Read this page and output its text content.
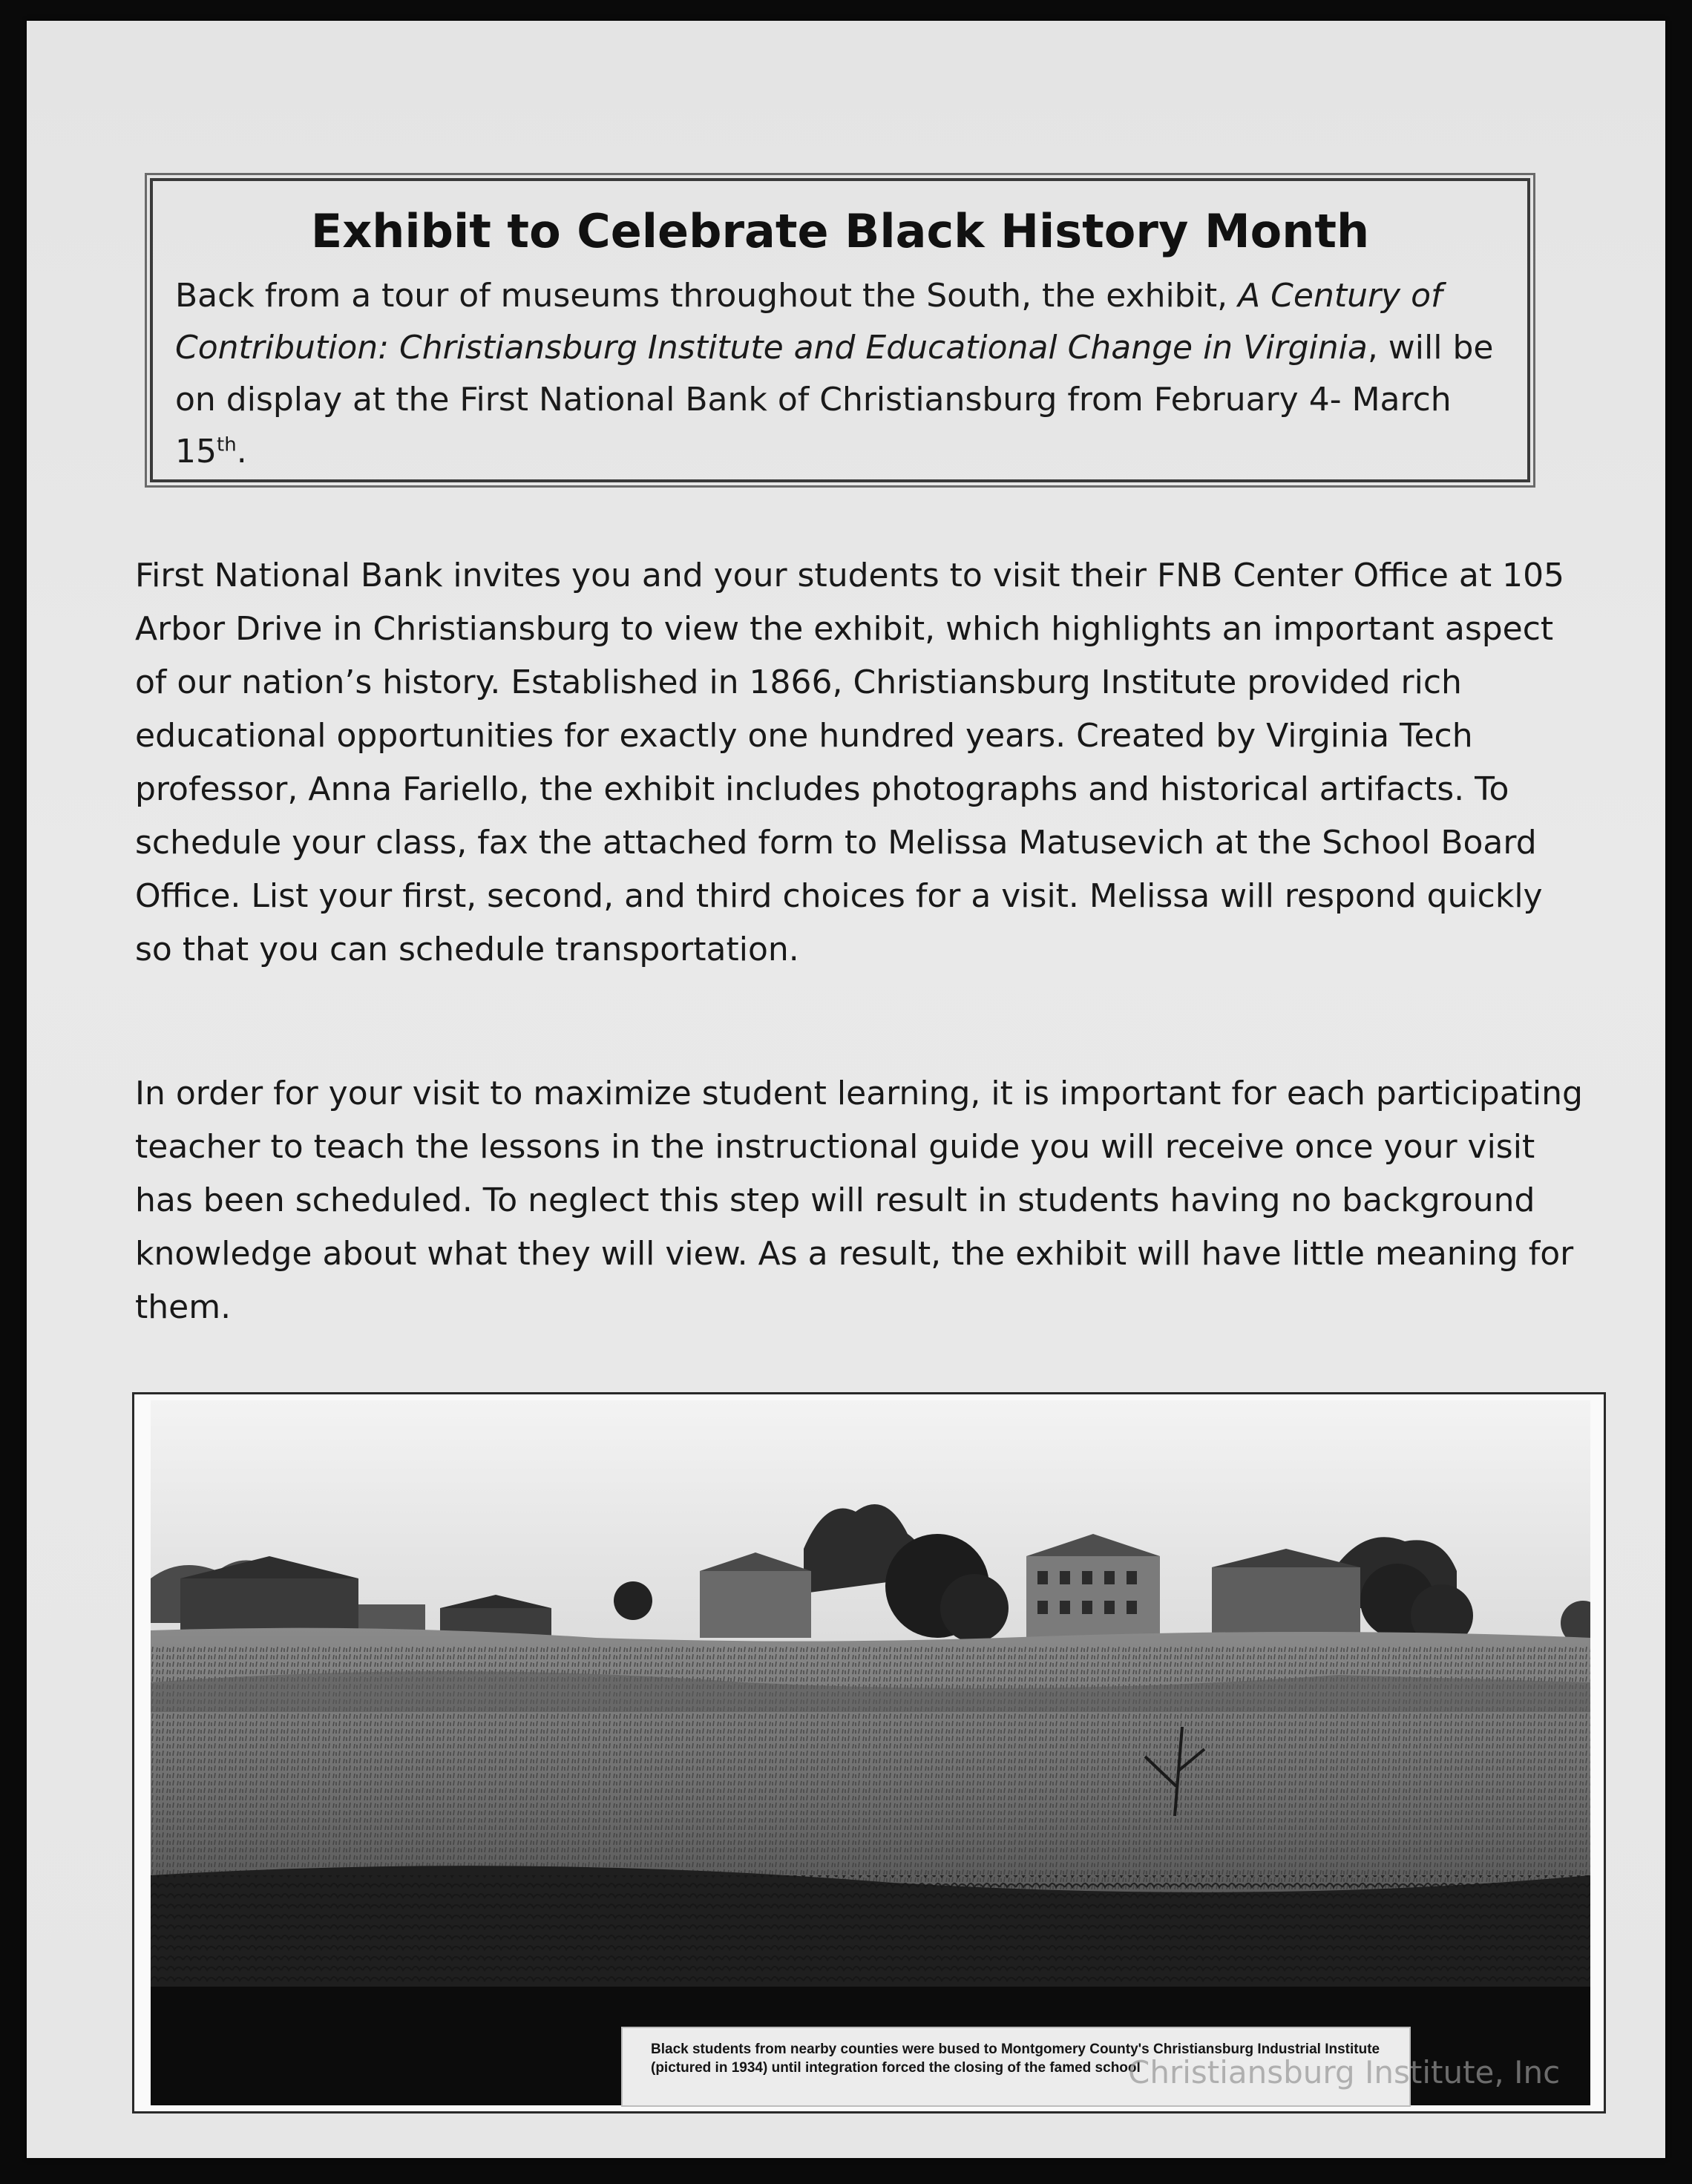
Exhibit to Celebrate Black History Month

Back from a tour of museums throughout the South, the exhibit, A Century of Contribution: Christiansburg Institute and Educational Change in Virginia, will be on display at the First National Bank of Christiansburg from February 4- March 15th.

First National Bank invites you and your students to visit their FNB Center Office at 105 Arbor Drive in Christiansburg to view the exhibit, which highlights an important aspect of our nation’s history. Established in 1866, Christiansburg Institute provided rich educational opportunities for exactly one hundred years. Created by Virginia Tech professor, Anna Fariello, the exhibit includes photographs and historical artifacts. To schedule your class, fax the attached form to Melissa Matusevich at the School Board Office. List your first, second, and third choices for a visit. Melissa will respond quickly so that you can schedule transportation.

In order for your visit to maximize student learning, it is important for each participating teacher to teach the lessons in the instructional guide you will receive once your visit has been scheduled. To neglect this step will result in students having no background knowledge about what they will view. As a result, the exhibit will have little meaning for them.

Black students from nearby counties were bused to Montgomery County's Christiansburg Industrial Institute (pictured in 1934) until integration forced the closing of the famed school
Christiansburg Institute, Inc
